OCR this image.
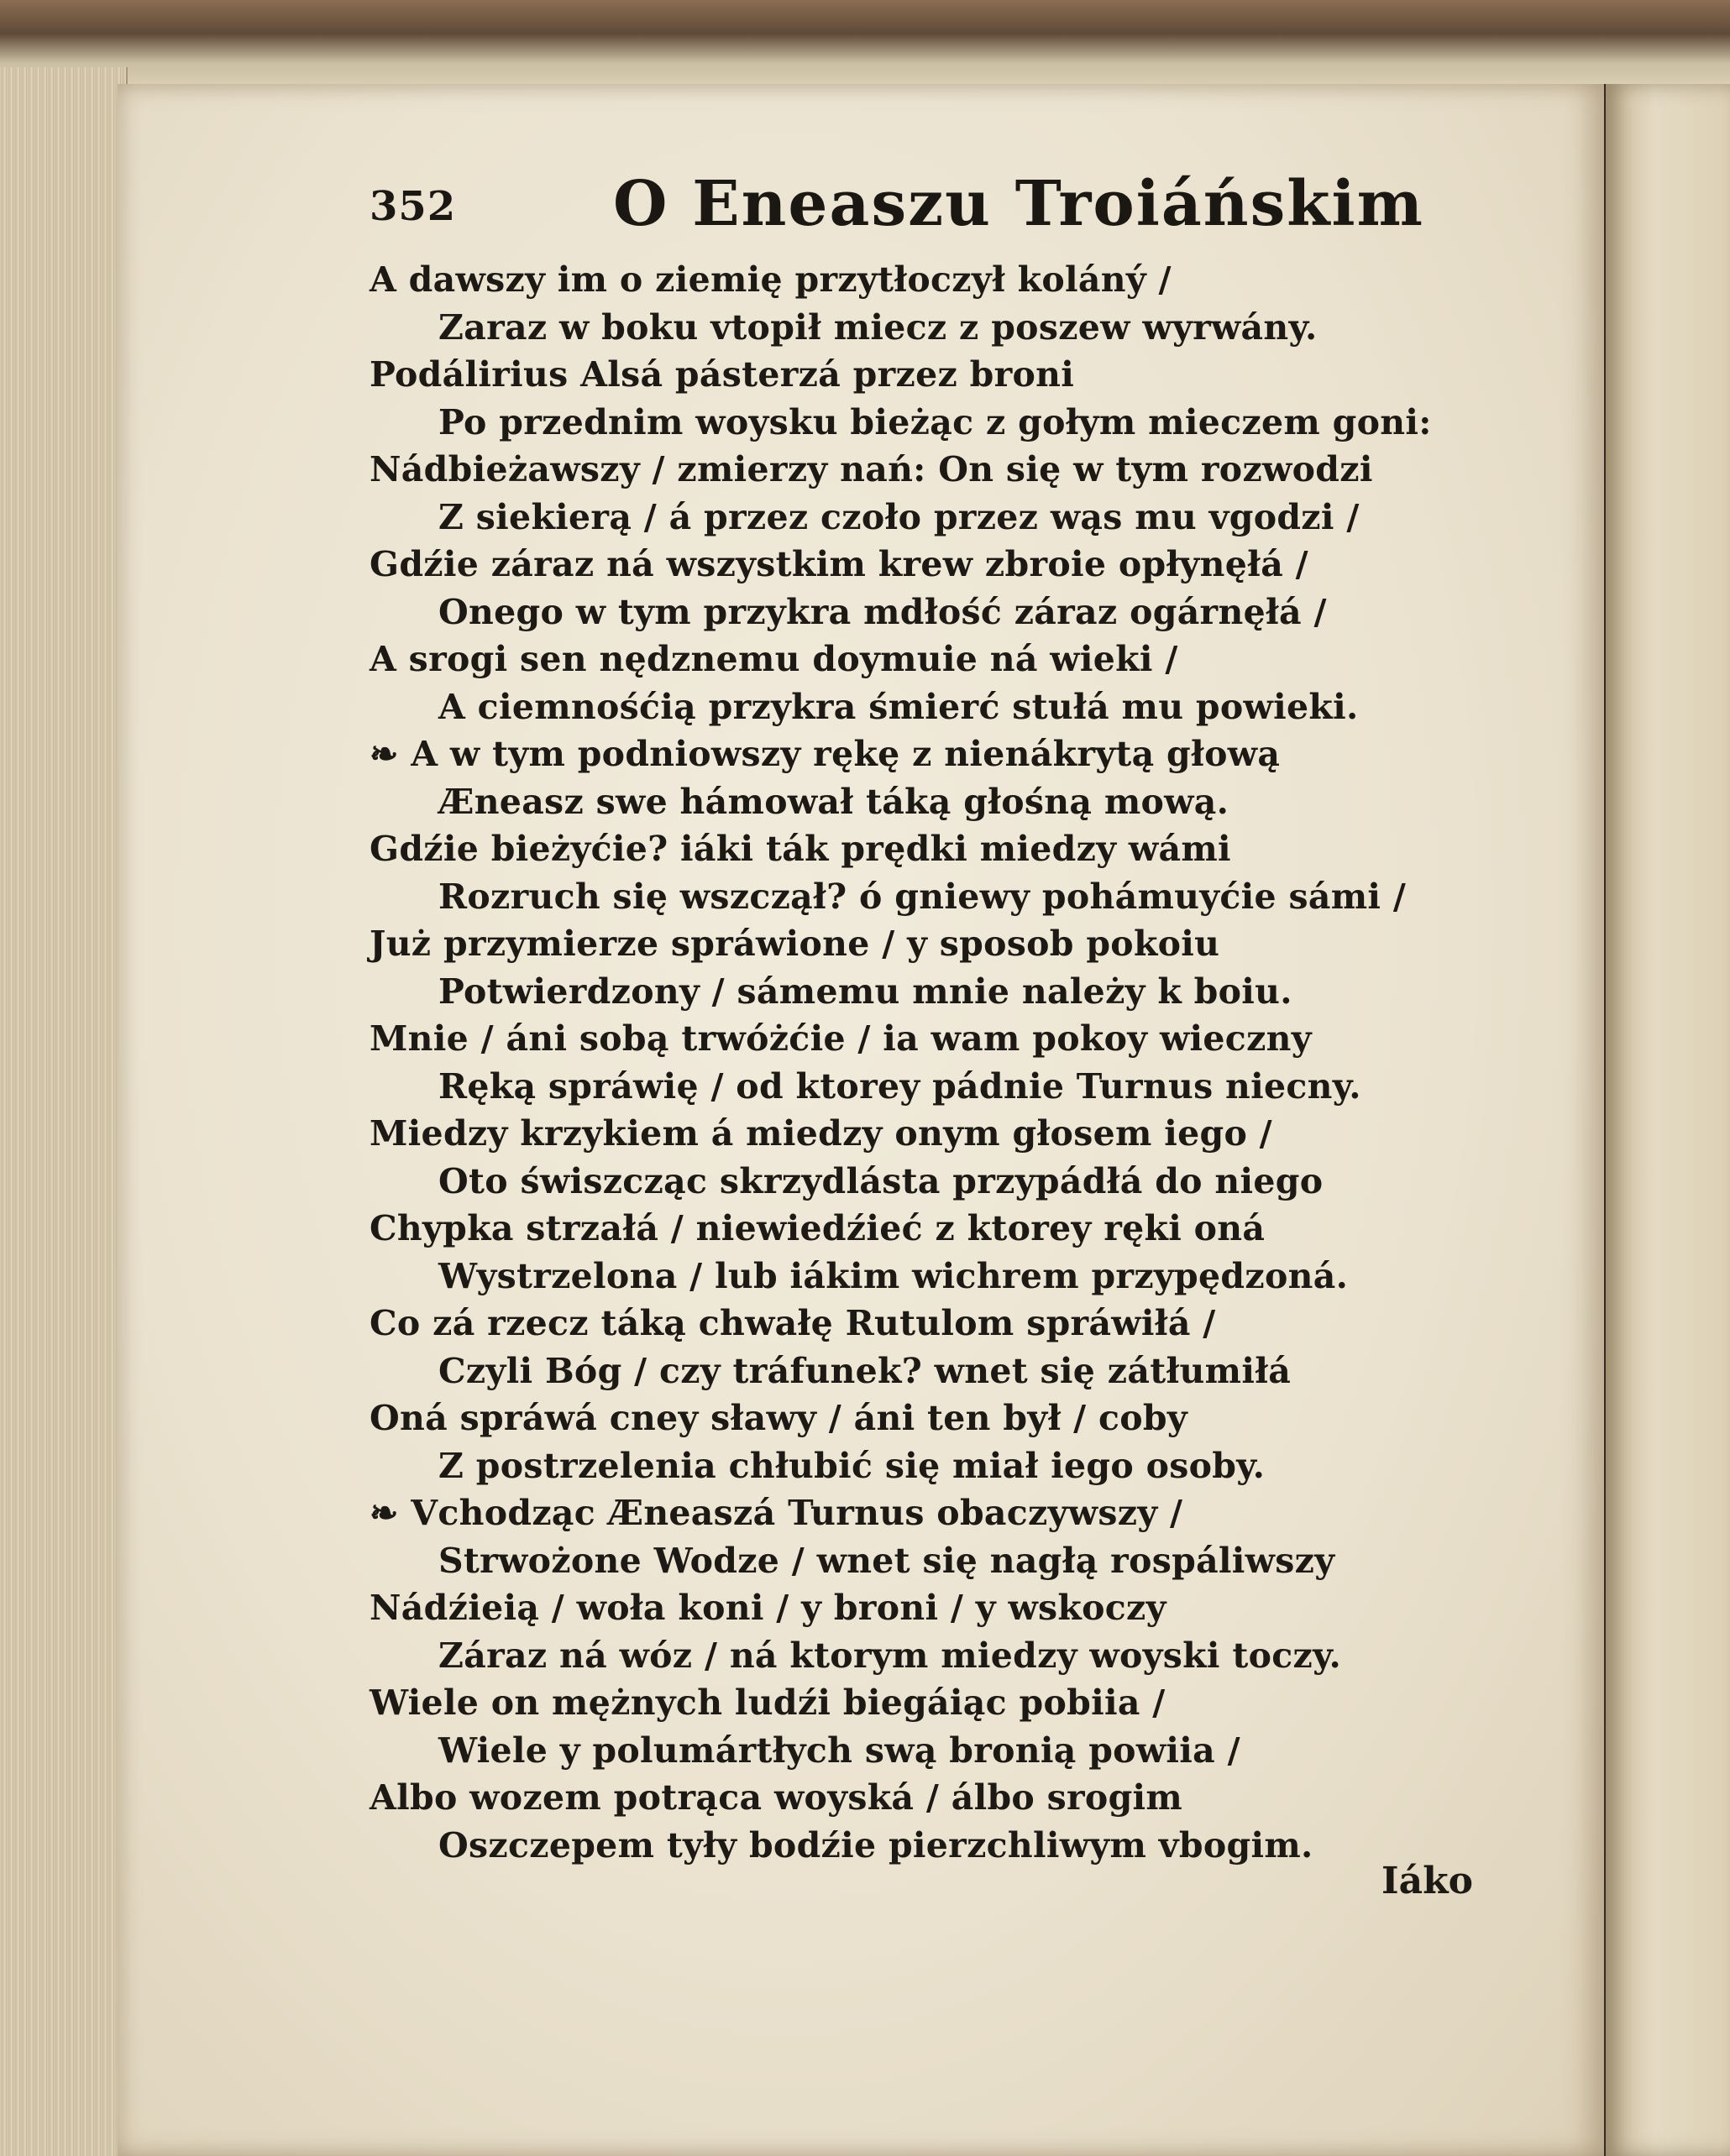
352	O Eneaszu Troiáńskim
A dawszy im o ziemię przytłoczył koláný /
Zaraz w boku vtopił miecz z poszew wyrwány.
Podálirius Alsá pásterzá przez broni
Po przednim woysku bieżąc z gołym mieczem goni:
Nádbieżawszy / zmierzy nań: On się w tym rozwodzi
Z siekierą / á przez czoło przez wąs mu vgodzi /
Gdźie záraz ná wszystkim krew zbroie opłynęłá /
Onego w tym przykra mdłość záraz ogárnęłá /
A srogi sen nędznemu doymuie ná wieki /
A ciemnośćią przykra śmierć stułá mu powieki.
❧ A w tym podniowszy rękę z nienákrytą głową
Æneasz swe hámował táką głośną mową.
Gdźie bieżyćie? iáki ták prędki miedzy wámi
Rozruch się wszczął? ó gniewy pohámuyćie sámi /
Już przymierze spráwione / y sposob pokoiu
Potwierdzony / sámemu mnie należy k boiu.
Mnie / áni sobą trwóżćie / ia wam pokoy wieczny
Ręką spráwię / od ktorey pádnie Turnus niecny.
Miedzy krzykiem á miedzy onym głosem iego /
Oto świszcząc skrzydlásta przypádłá do niego
Chypka strzałá / niewiedźieć z ktorey ręki oná
Wystrzelona / lub iákim wichrem przypędzoná.
Co zá rzecz táką chwałę Rutulom spráwiłá /
Czyli Bóg / czy tráfunek? wnet się zátłumiłá
Oná spráwá cney sławy / áni ten był / coby
Z postrzelenia chłubić się miał iego osoby.
❧ Vchodząc Æneaszá Turnus obaczywszy /
Strwożone Wodze / wnet się nagłą rospáliwszy
Nádźieią / woła koni / y broni / y wskoczy
Záraz ná wóz / ná ktorym miedzy woyski toczy.
Wiele on mężnych ludźi biegáiąc pobiia /
Wiele y polumártłych swą bronią powiia /
Albo wozem potrąca woyská / álbo srogim
Oszczepem tyły bodźie pierzchliwym vbogim.
Iáko
